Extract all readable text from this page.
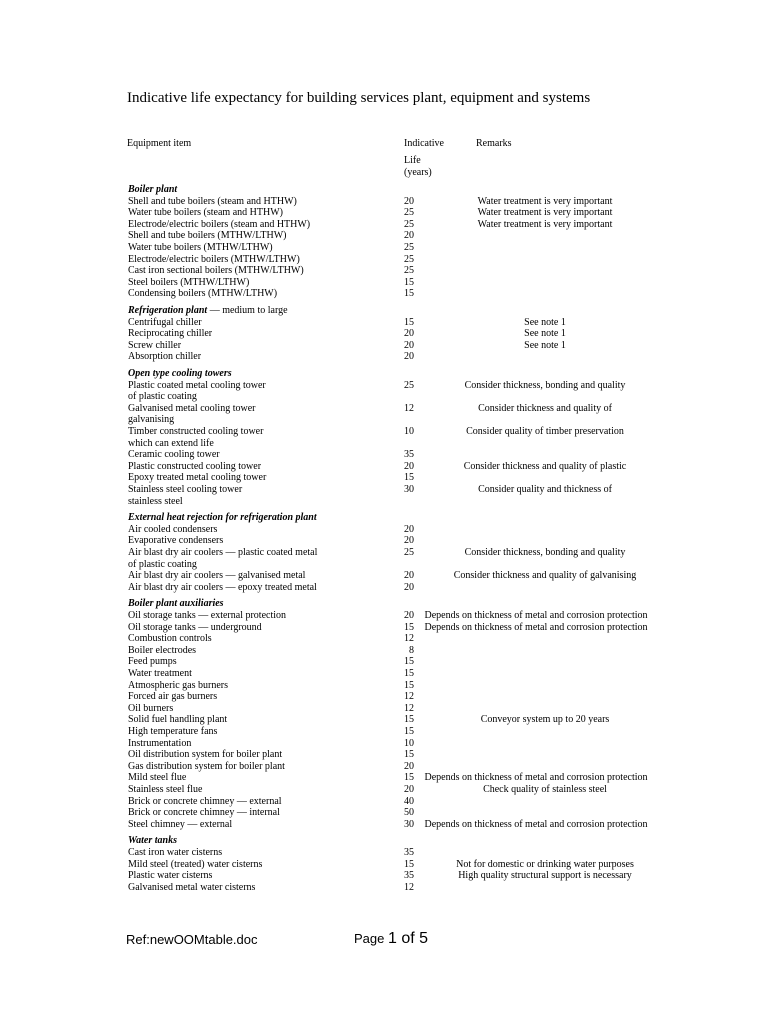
Indicative life expectancy for building services plant, equipment and systems
Equipment item	Indicative	Remarks
Life
(years)
Boiler plant
Shell and tube boilers (steam and HTHW)	20	Water treatment is very important
Water tube boilers (steam and HTHW)	25	Water treatment is very important
Electrode/electric boilers (steam and HTHW)	25	Water treatment is very important
Shell and tube boilers (MTHW/LTHW)	20
Water tube boilers (MTHW/LTHW)	25
Electrode/electric boilers (MTHW/LTHW)	25
Cast iron sectional boilers (MTHW/LTHW)	25
Steel boilers (MTHW/LTHW)	15
Condensing boilers (MTHW/LTHW)	15
Refrigeration plant — medium to large
Centrifugal chiller	15	See note 1
Reciprocating chiller	20	See note 1
Screw chiller	20	See note 1
Absorption chiller	20
Open type cooling towers
Plastic coated metal cooling tower	25	Consider thickness, bonding and quality
of plastic coating
Galvanised metal cooling tower	12	Consider thickness and quality of
galvanising
Timber constructed cooling tower	10	Consider quality of timber preservation
which can extend life
Ceramic cooling tower	35
Plastic constructed cooling tower	20	Consider thickness and quality of plastic
Epoxy treated metal cooling tower	15
Stainless steel cooling tower	30	Consider quality and thickness of
stainless steel
External heat rejection for refrigeration plant
Air cooled condensers	20
Evaporative condensers	20
Air blast dry air coolers — plastic coated metal	25	Consider thickness, bonding and quality
of plastic coating
Air blast dry air coolers — galvanised metal	20	Consider thickness and quality of galvanising
Air blast dry air coolers — epoxy treated metal	20
Boiler plant auxiliaries
Oil storage tanks — external protection	20	Depends on thickness of metal and corrosion protection
Oil storage tanks — underground	15	Depends on thickness of metal and corrosion protection
Combustion controls	12
Boiler electrodes	8
Feed pumps	15
Water treatment	15
Atmospheric gas burners	15
Forced air gas burners	12
Oil burners	12
Solid fuel handling plant	15	Conveyor system up to 20 years
High temperature fans	15
Instrumentation	10
Oil distribution system for boiler plant	15
Gas distribution system for boiler plant	20
Mild steel flue	15	Depends on thickness of metal and corrosion protection
Stainless steel flue	20	Check quality of stainless steel
Brick or concrete chimney — external	40
Brick or concrete chimney — internal	50
Steel chimney — external	30	Depends on thickness of metal and corrosion protection
Water tanks
Cast iron water cisterns	35
Mild steel (treated) water cisterns	15	Not for domestic or drinking water purposes
Plastic water cisterns	35	High quality structural support is necessary
Galvanised metal water cisterns	12
Ref:newOOMtable.doc	Page 1 of 5
